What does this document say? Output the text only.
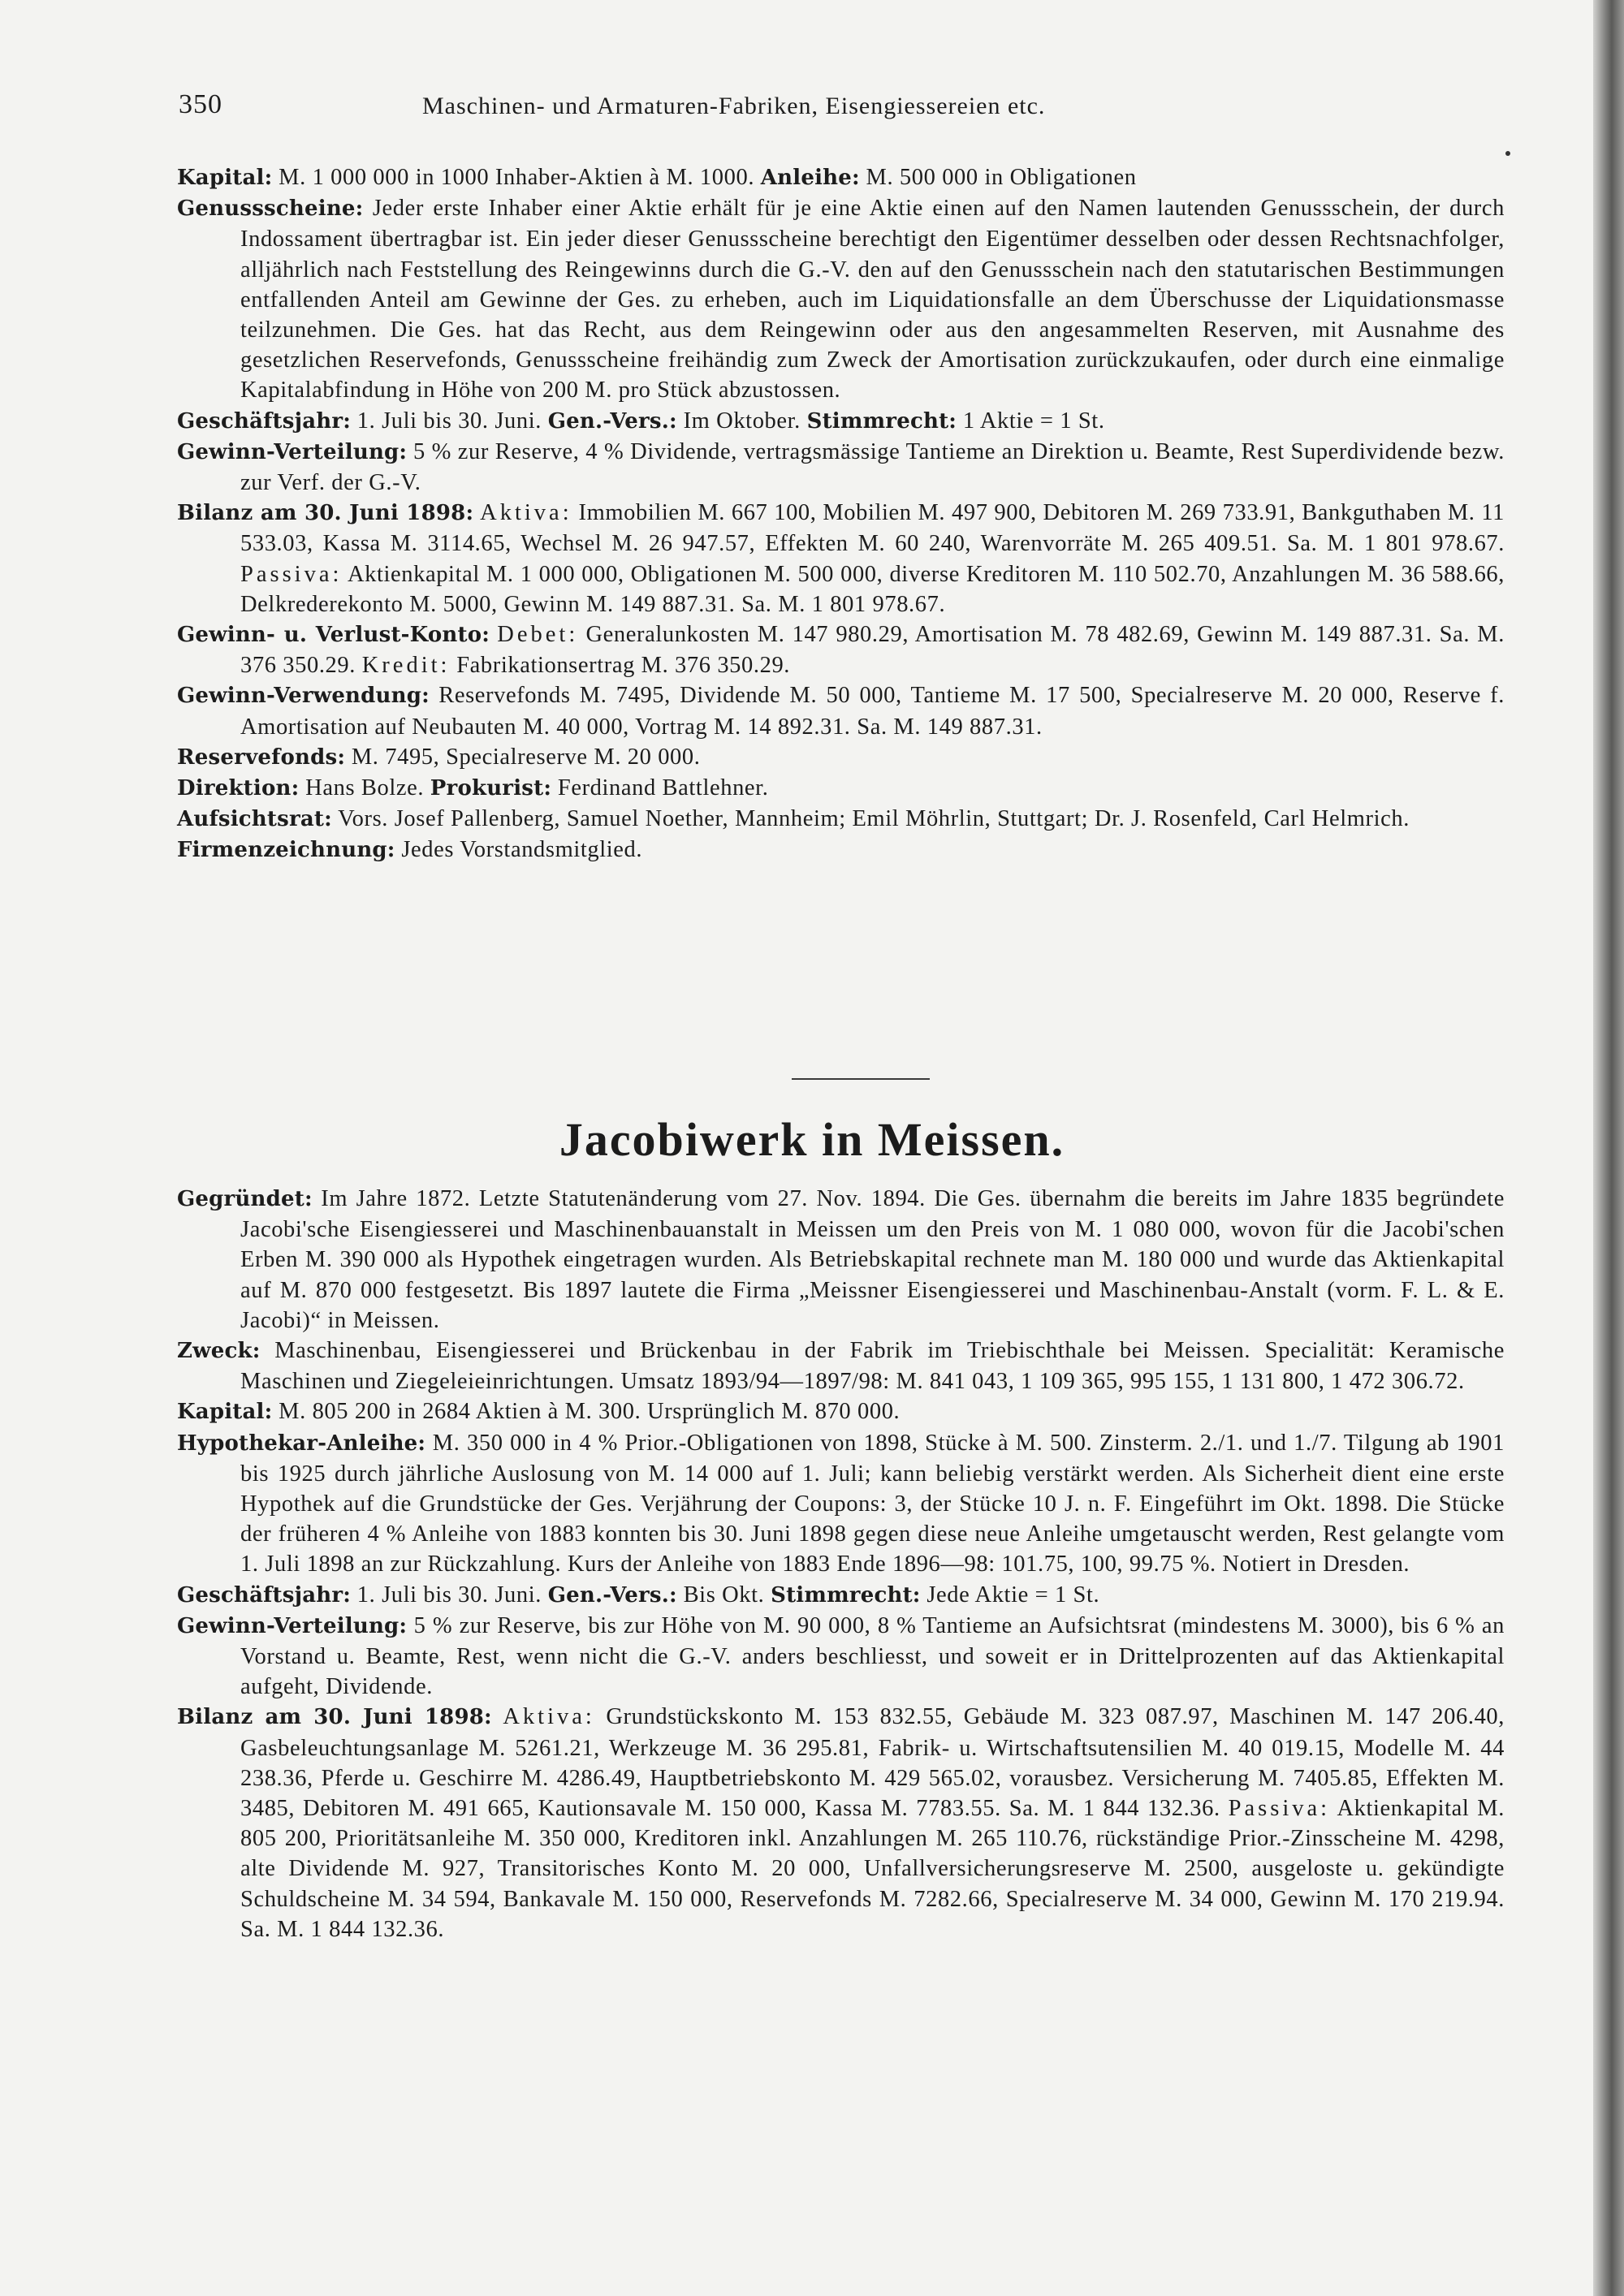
350	Maschinen- und Armaturen-Fabriken, Eisengiessereien etc.

Kapital: M. 1 000 000 in 1000 Inhaber-Aktien à M. 1000. Anleihe: M. 500 000 in Obligationen

Genussscheine: Jeder erste Inhaber einer Aktie erhält für je eine Aktie einen auf den Namen lautenden Genussschein, der durch Indossament übertragbar ist. Ein jeder dieser Genussscheine berechtigt den Eigentümer desselben oder dessen Rechtsnachfolger, alljährlich nach Feststellung des Reingewinns durch die G.-V. den auf den Genussschein nach den statutarischen Bestimmungen entfallenden Anteil am Gewinne der Ges. zu erheben, auch im Liquidationsfalle an dem Überschusse der Liquidationsmasse teilzunehmen. Die Ges. hat das Recht, aus dem Reingewinn oder aus den angesammelten Reserven, mit Ausnahme des gesetzlichen Reservefonds, Genussscheine freihändig zum Zweck der Amortisation zurückzukaufen, oder durch eine einmalige Kapitalabfindung in Höhe von 200 M. pro Stück abzustossen.

Geschäftsjahr: 1. Juli bis 30. Juni. Gen.-Vers.: Im Oktober. Stimmrecht: 1 Aktie = 1 St.

Gewinn-Verteilung: 5 % zur Reserve, 4 % Dividende, vertragsmässige Tantieme an Direktion u. Beamte, Rest Superdividende bezw. zur Verf. der G.-V.

Bilanz am 30. Juni 1898: Aktiva: Immobilien M. 667 100, Mobilien M. 497 900, Debitoren M. 269 733.91, Bankguthaben M. 11 533.03, Kassa M. 3114.65, Wechsel M. 26 947.57, Effekten M. 60 240, Warenvorräte M. 265 409.51. Sa. M. 1 801 978.67. Passiva: Aktienkapital M. 1 000 000, Obligationen M. 500 000, diverse Kreditoren M. 110 502.70, Anzahlungen M. 36 588.66, Delkrederekonto M. 5000, Gewinn M. 149 887.31. Sa. M. 1 801 978.67.

Gewinn- u. Verlust-Konto: Debet: Generalunkosten M. 147 980.29, Amortisation M. 78 482.69, Gewinn M. 149 887.31. Sa. M. 376 350.29. Kredit: Fabrikationsertrag M. 376 350.29.

Gewinn-Verwendung: Reservefonds M. 7495, Dividende M. 50 000, Tantieme M. 17 500, Specialreserve M. 20 000, Reserve f. Amortisation auf Neubauten M. 40 000, Vortrag M. 14 892.31. Sa. M. 149 887.31.

Reservefonds: M. 7495, Specialreserve M. 20 000.

Direktion: Hans Bolze. Prokurist: Ferdinand Battlehner.

Aufsichtsrat: Vors. Josef Pallenberg, Samuel Noether, Mannheim; Emil Möhrlin, Stuttgart; Dr. J. Rosenfeld, Carl Helmrich.

Firmenzeichnung: Jedes Vorstandsmitglied.

Jacobiwerk in Meissen.

Gegründet: Im Jahre 1872. Letzte Statutenänderung vom 27. Nov. 1894. Die Ges. übernahm die bereits im Jahre 1835 begründete Jacobi'sche Eisengiesserei und Maschinenbauanstalt in Meissen um den Preis von M. 1 080 000, wovon für die Jacobi'schen Erben M. 390 000 als Hypothek eingetragen wurden. Als Betriebskapital rechnete man M. 180 000 und wurde das Aktienkapital auf M. 870 000 festgesetzt. Bis 1897 lautete die Firma „Meissner Eisengiesserei und Maschinenbau-Anstalt (vorm. F. L. & E. Jacobi)“ in Meissen.

Zweck: Maschinenbau, Eisengiesserei und Brückenbau in der Fabrik im Triebischthale bei Meissen. Specialität: Keramische Maschinen und Ziegeleieinrichtungen. Umsatz 1893/94—1897/98: M. 841 043, 1 109 365, 995 155, 1 131 800, 1 472 306.72.

Kapital: M. 805 200 in 2684 Aktien à M. 300. Ursprünglich M. 870 000.

Hypothekar-Anleihe: M. 350 000 in 4 % Prior.-Obligationen von 1898, Stücke à M. 500. Zinsterm. 2./1. und 1./7. Tilgung ab 1901 bis 1925 durch jährliche Auslosung von M. 14 000 auf 1. Juli; kann beliebig verstärkt werden. Als Sicherheit dient eine erste Hypothek auf die Grundstücke der Ges. Verjährung der Coupons: 3, der Stücke 10 J. n. F. Eingeführt im Okt. 1898. Die Stücke der früheren 4 % Anleihe von 1883 konnten bis 30. Juni 1898 gegen diese neue Anleihe umgetauscht werden, Rest gelangte vom 1. Juli 1898 an zur Rückzahlung. Kurs der Anleihe von 1883 Ende 1896—98: 101.75, 100, 99.75 %. Notiert in Dresden.

Geschäftsjahr: 1. Juli bis 30. Juni. Gen.-Vers.: Bis Okt. Stimmrecht: Jede Aktie = 1 St.

Gewinn-Verteilung: 5 % zur Reserve, bis zur Höhe von M. 90 000, 8 % Tantieme an Aufsichtsrat (mindestens M. 3000), bis 6 % an Vorstand u. Beamte, Rest, wenn nicht die G.-V. anders beschliesst, und soweit er in Drittelprozenten auf das Aktienkapital aufgeht, Dividende.

Bilanz am 30. Juni 1898: Aktiva: Grundstückskonto M. 153 832.55, Gebäude M. 323 087.97, Maschinen M. 147 206.40, Gasbeleuchtungsanlage M. 5261.21, Werkzeuge M. 36 295.81, Fabrik- u. Wirtschaftsutensilien M. 40 019.15, Modelle M. 44 238.36, Pferde u. Geschirre M. 4286.49, Hauptbetriebskonto M. 429 565.02, vorausbez. Versicherung M. 7405.85, Effekten M. 3485, Debitoren M. 491 665, Kautionsavale M. 150 000, Kassa M. 7783.55. Sa. M. 1 844 132.36. Passiva: Aktienkapital M. 805 200, Prioritätsanleihe M. 350 000, Kreditoren inkl. Anzahlungen M. 265 110.76, rückständige Prior.-Zinsscheine M. 4298, alte Dividende M. 927, Transitorisches Konto M. 20 000, Unfallversicherungsreserve M. 2500, ausgeloste u. gekündigte Schuldscheine M. 34 594, Bankavale M. 150 000, Reservefonds M. 7282.66, Specialreserve M. 34 000, Gewinn M. 170 219.94. Sa. M. 1 844 132.36.
